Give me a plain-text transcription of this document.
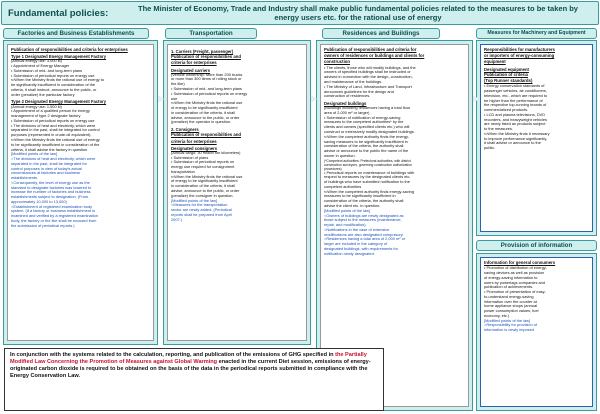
Fundamental policies:	The Minister of Economy, Trade and Industry shall make public fundamental policies related to the measures to be taken by energy users etc. for the rational use of energy
Factories and Business Establishments	Transportation	Residences and Buildings	Measures for Machinery and Equipment
Publication of responsibilities and criteria for enterprises
Type 1 Designated Energy Management Factory
(Annual energy use: 3,000 kl)
• Appointment of Energy Manager
• Submission of mid- and long-term plans
• Submission of periodical reports on energy use
⇐When the Ministry finds the rational use of energy to
be significantly insufficient in consideration of the
criteria, it shall instruct, announce to the public, or
order (penalize) the particular factory
Type 2 Designated Energy Management Factory
(Annual energy use: 1,500 kl)
• Appointment of a qualified person for energy
management of type 2 designate factory
• Submission of periodical reports on energy use
• The divisions of heat and electricity, which were
separated in the past, shall be integrated for control
purposes (represented in crude-oil equivalent).
⇐When the Ministry finds the rational use of energy
to be significantly insufficient in consideration of the
criteria, it shall advise the factory in question
[Modified points of the law]
○The divisions of heat and electricity, which were
separated in the past, shall be integrated for
control purposes in view of today's actual
circumstances at factories and business
establishments.
○Consequently, the level of energy use as the
standard to designate factories was lowered to
increase the number of factories and business
establishments subject to designation. (From
approximately 10,000 to 13,000)
○Establishment of registered examination body
system. (If a factory or business establishment is
examined and verified by a registered examination
body, the factory or the like shall be excused from
the submission of periodical reports.)
1. Carriers (Freight, passenger)
Publication of responsibilities and
criteria for enterprises
Designated carriers
(Vehicle ownership: More than 200 trucks
or more than 300 items of rolling stock or
the like)
• Submission of mid- and long-term plans
• Submission of periodical reports on energy
use
⇐When the Ministry finds the rational use
of energy to be significantly insufficient
in consideration of the criteria, it shall
advise, announce to the public, or order
(penalize) the operator in question.
2. Consigners
Publication of responsibilities and
criteria for enterprises
Designated consigners
(Annual cargo: 30 million ton kilometers)
• Submission of plans
• Submission of periodical reports on
energy use required for consignment
transportation
⇐When the Ministry finds the rational use
of energy to be significantly insufficient
in consideration of the criteria, it shall
advise, announce to the public, or order
(penalize) the consigner in question.
[Modified points of the law]
○Measures for the transportation
sector are newly added. (Periodical
reports shall be prepared from April
2007.)
Publication of responsibilities and criteria for
owners of residences or buildings and clients for
construction
• The clients, those who will modify buildings, and the
owners of specified buildings shall be instructed or
advised in connection with the design, construction,
and maintenance of the buildings.
• The Ministry of Land, Infrastructure and Transport
announces guidelines for the design and
construction of residences.
Designated buildings
(Buildings including residences having a total floor
area of 2,000 m² or larger)
• Submission of notification of energy-saving
measures to the competent authorities* by the
clients and owners (specified clients etc.) who will
construct or extensively modify designated buildings.
⇐When the competent authority finds the energy-
saving measures to be significantly insufficient in
consideration of the criteria, the authority shall
advise or announce to the public the name of the
owner in question.
(*Competent authorities: Prefectural authorities, with district
construction surveyors, governing construction authorization
procedures)
• Periodical reports on maintenance of buildings with
respect to measures by the designated clients etc.
of buildings who have submitted notification to the
competent authorities
⇐When the competent authority finds energy-saving
measures to be significantly insufficient in
consideration of the criteria, the authority shall
advise the client etc. in question.
[Modified points of the law]
○Owners of buildings are newly designated as
those subject to the measures (maintenance,
repair, and modification).
○Notifications in the case of extensive
modifications are also designated compulsory.
○Residences having a total area of 2,000 m² or
larger are included in the category of
designated buildings, with requirements for
notification newly designated.
Responsibilities for manufacturers
or importers of energy-consuming
equipment
Designated equipment
Publication of criteria
(Top Runner standards)
• Energy conservation standards of
passenger vehicles, air conditioners,
television, etc., which are required to
be higher than the performance of
the respective top-running brands of
commercialized products.
• LCD and plasma televisions, DVD
recorders, and heavyweight vehicles
are newly listed as products subject
to the measures.
⇐When the Ministry finds it necessary
to improve performance significantly,
it shall advise or announce to the
public.
Provision of information
Information for general consumers
• Promotion of distribution of energy-
saving devices as well as provision
of energy-saving information to
users by powerlags companies and
publication of achievements.
• Promotion of presentation of easy-
to-understand energy-saving
information over the counter at
home appliance shops (annual
power consumption values, fuel
economy, etc.)
[Modified points of the law]
○Responsibility for provision of
information is newly imposed
In conjunction with the systems related to the calculation, reporting, and publication of the emissions of GHG specified in the Partially Modified Law Concerning the Promotion of Measures against Global Warming enacted in the current Diet session, emissions of energy-originated carbon dioxide is required to be obtained on the basis of the data in the periodical reports submitted in compliance with the Energy Conservation Law.
